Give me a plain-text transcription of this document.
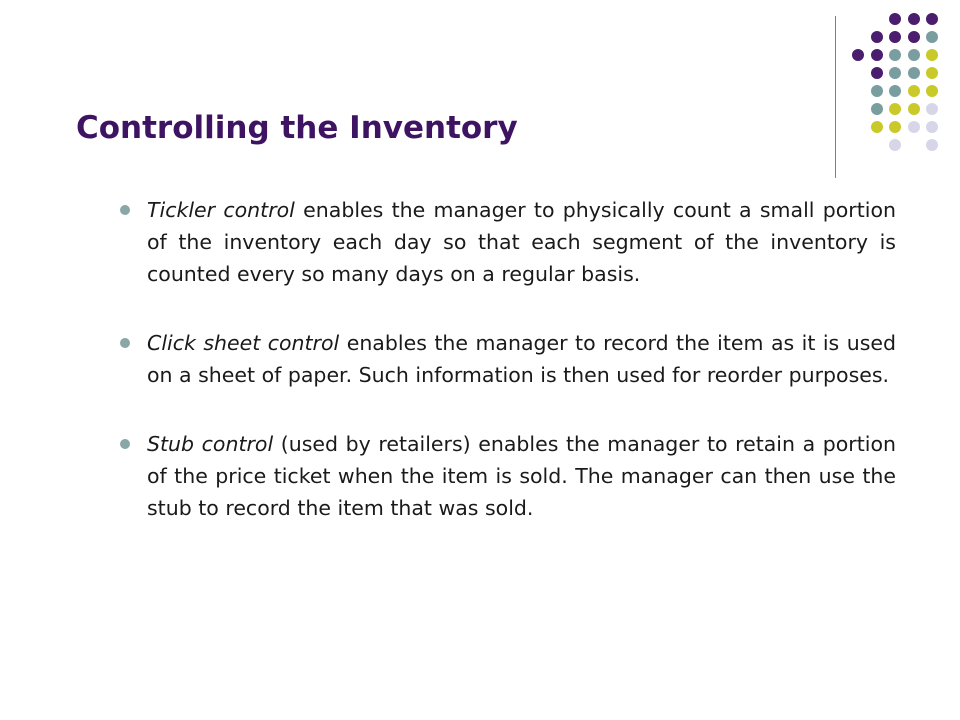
Controlling the Inventory
Tickler control enables the manager to physically count a small portion of the inventory each day so that each segment of the inventory is counted every so many days on a regular basis.
Click sheet control enables the manager to record the item as it is used on a sheet of paper. Such information is then used for reorder purposes.
Stub control (used by retailers) enables the manager to retain a portion of the price ticket when the item is sold. The manager can then use the stub to record the item that was sold.
